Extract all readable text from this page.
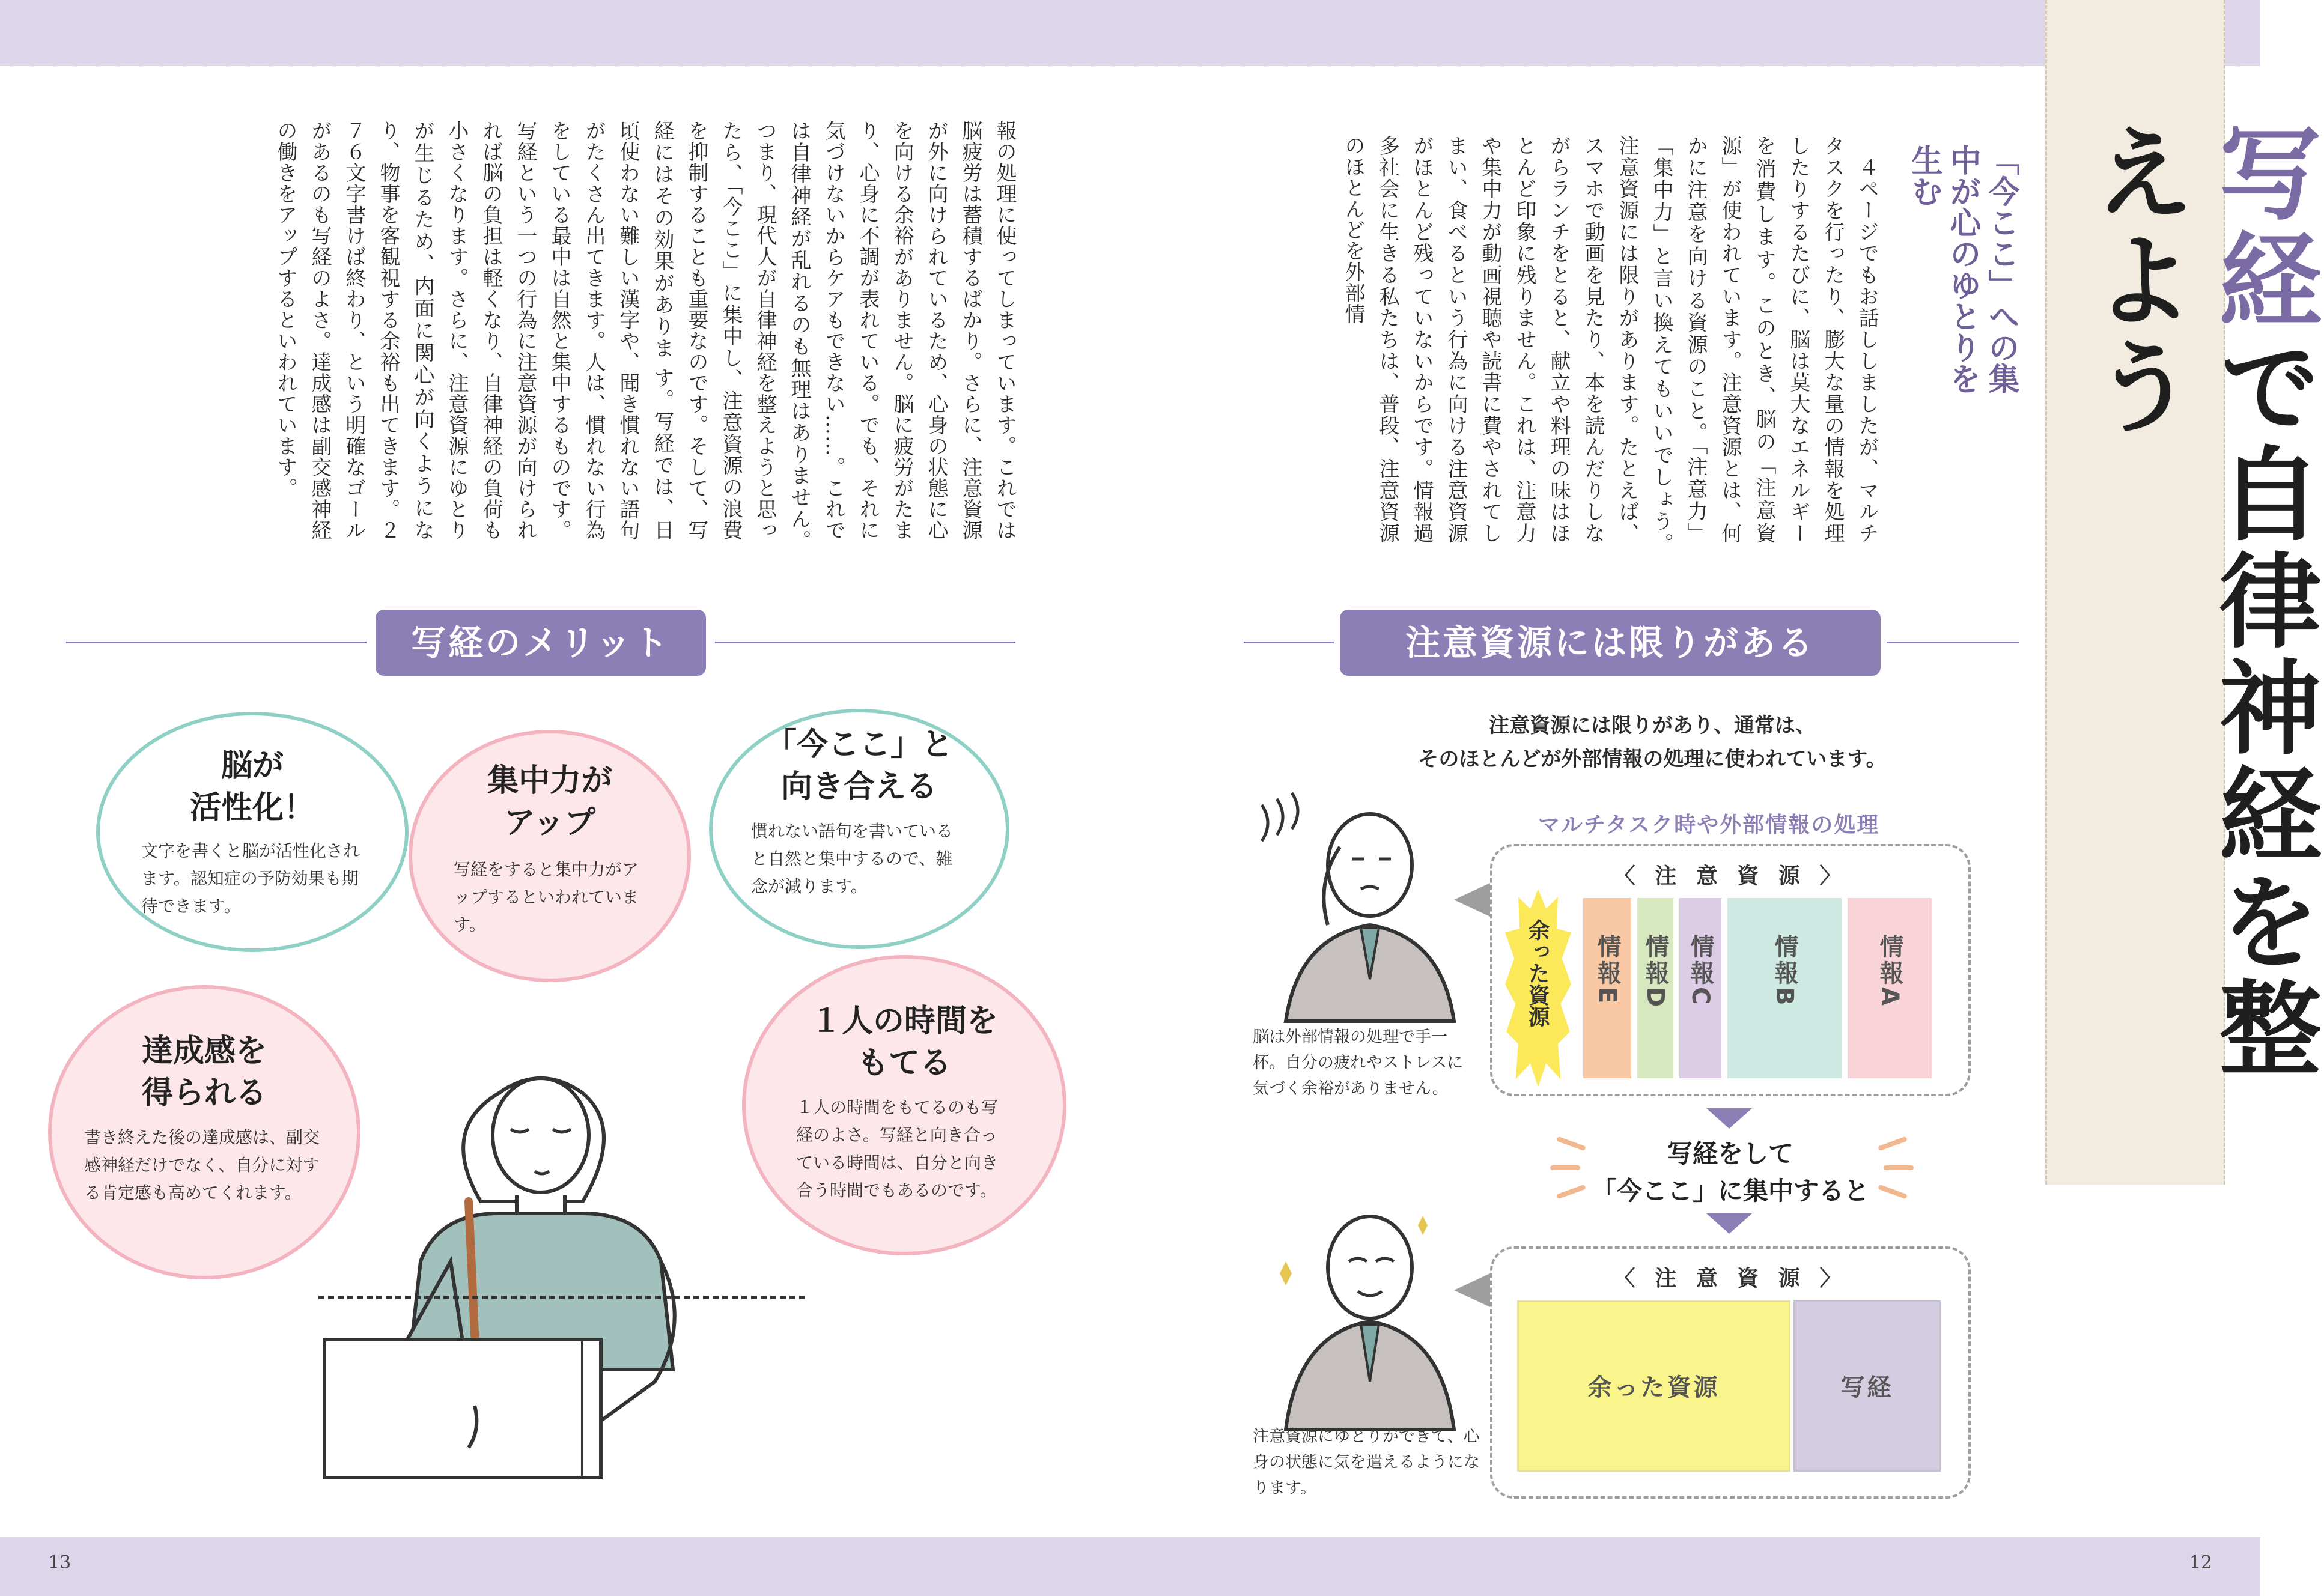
13	12
写経で自律神経を整えよう
「今ここ」への集中が心のゆとりを生む
　４ページでもお話ししましたが、マルチタスクを行ったり、膨大な量の情報を処理したりするたびに、脳は莫大なエネルギーを消費します。このとき、脳の「注意資源」が使われています。注意資源とは、何かに注意を向ける資源のこと。「注意力」「集中力」と言い換えてもいいでしょう。　注意資源には限りがあります。たとえば、スマホで動画を見たり、本を読んだりしながらランチをとると、献立や料理の味はほとんど印象に残りません。これは、注意力や集中力が動画視聴や読書に費やされてしまい、食べるという行為に向ける注意資源がほとんど残っていないからです。情報過多社会に生きる私たちは、普段、注意資源のほとんどを外部情
報の処理に使ってしまっています。これでは脳疲労は蓄積するばかり。さらに、注意資源が外に向けられているため、心身の状態に心を向ける余裕がありません。脳に疲労がたまり、心身に不調が表れている。でも、それに気づけないからケアもできない……。これでは自律神経が乱れるのも無理はありません。　つまり、現代人が自律神経を整えようと思ったら、「今ここ」に集中し、注意資源の浪費を抑制することも重要なのです。そして、写経にはその効果がありま す。写経では、日頃使わない難しい漢字や、聞き慣れない語句がたくさん出てきます。人は、慣れない行為をしている最中は自然と集中するものです。写経という一つの行為に注意資源が向けられれば脳の負担は軽くなり、自律神経の負荷も小さくなります。さらに、注意資源にゆとりが生じるため、内面に関心が向くようになり、物事を客観視する余裕も出てきます。２７６文字書けば終わり、という明確なゴールがあるのも写経のよさ。達成感は副交感神経の働きをアップするといわれています。
写経のメリット
脳が
活性化！
文字を書くと脳が活性化されます。認知症の予防効果も期待できます。
集中力が
アップ
写経をすると集中力がアップするといわれています。
「今ここ」と
向き合える
慣れない語句を書いていると自然と集中するので、雑念が減ります。
達成感を
得られる
書き終えた後の達成感は、副交感神経だけでなく、自分に対する肯定感も高めてくれます。
１人の時間を
もてる
１人の時間をもてるのも写経のよさ。写経と向き合っている時間は、自分と向き合う時間でもあるのです。
注意資源には限りがある
注意資源には限りがあり、通常は、
そのほとんどが外部情報の処理に使われています。
マルチタスク時や外部情報の処理
脳は外部情報の処理で手一杯。自分の疲れやストレスに気づく余裕がありません。
〈 注 意 資 源 〉
余った資源 情報E 情報D 情報C 情報B	情報A
写経をして
「今ここ」に集中すると
注意資源にゆとりができて、心身の状態に気を遣えるようになります。
〈 注 意 資 源 〉
余った資源	写経
